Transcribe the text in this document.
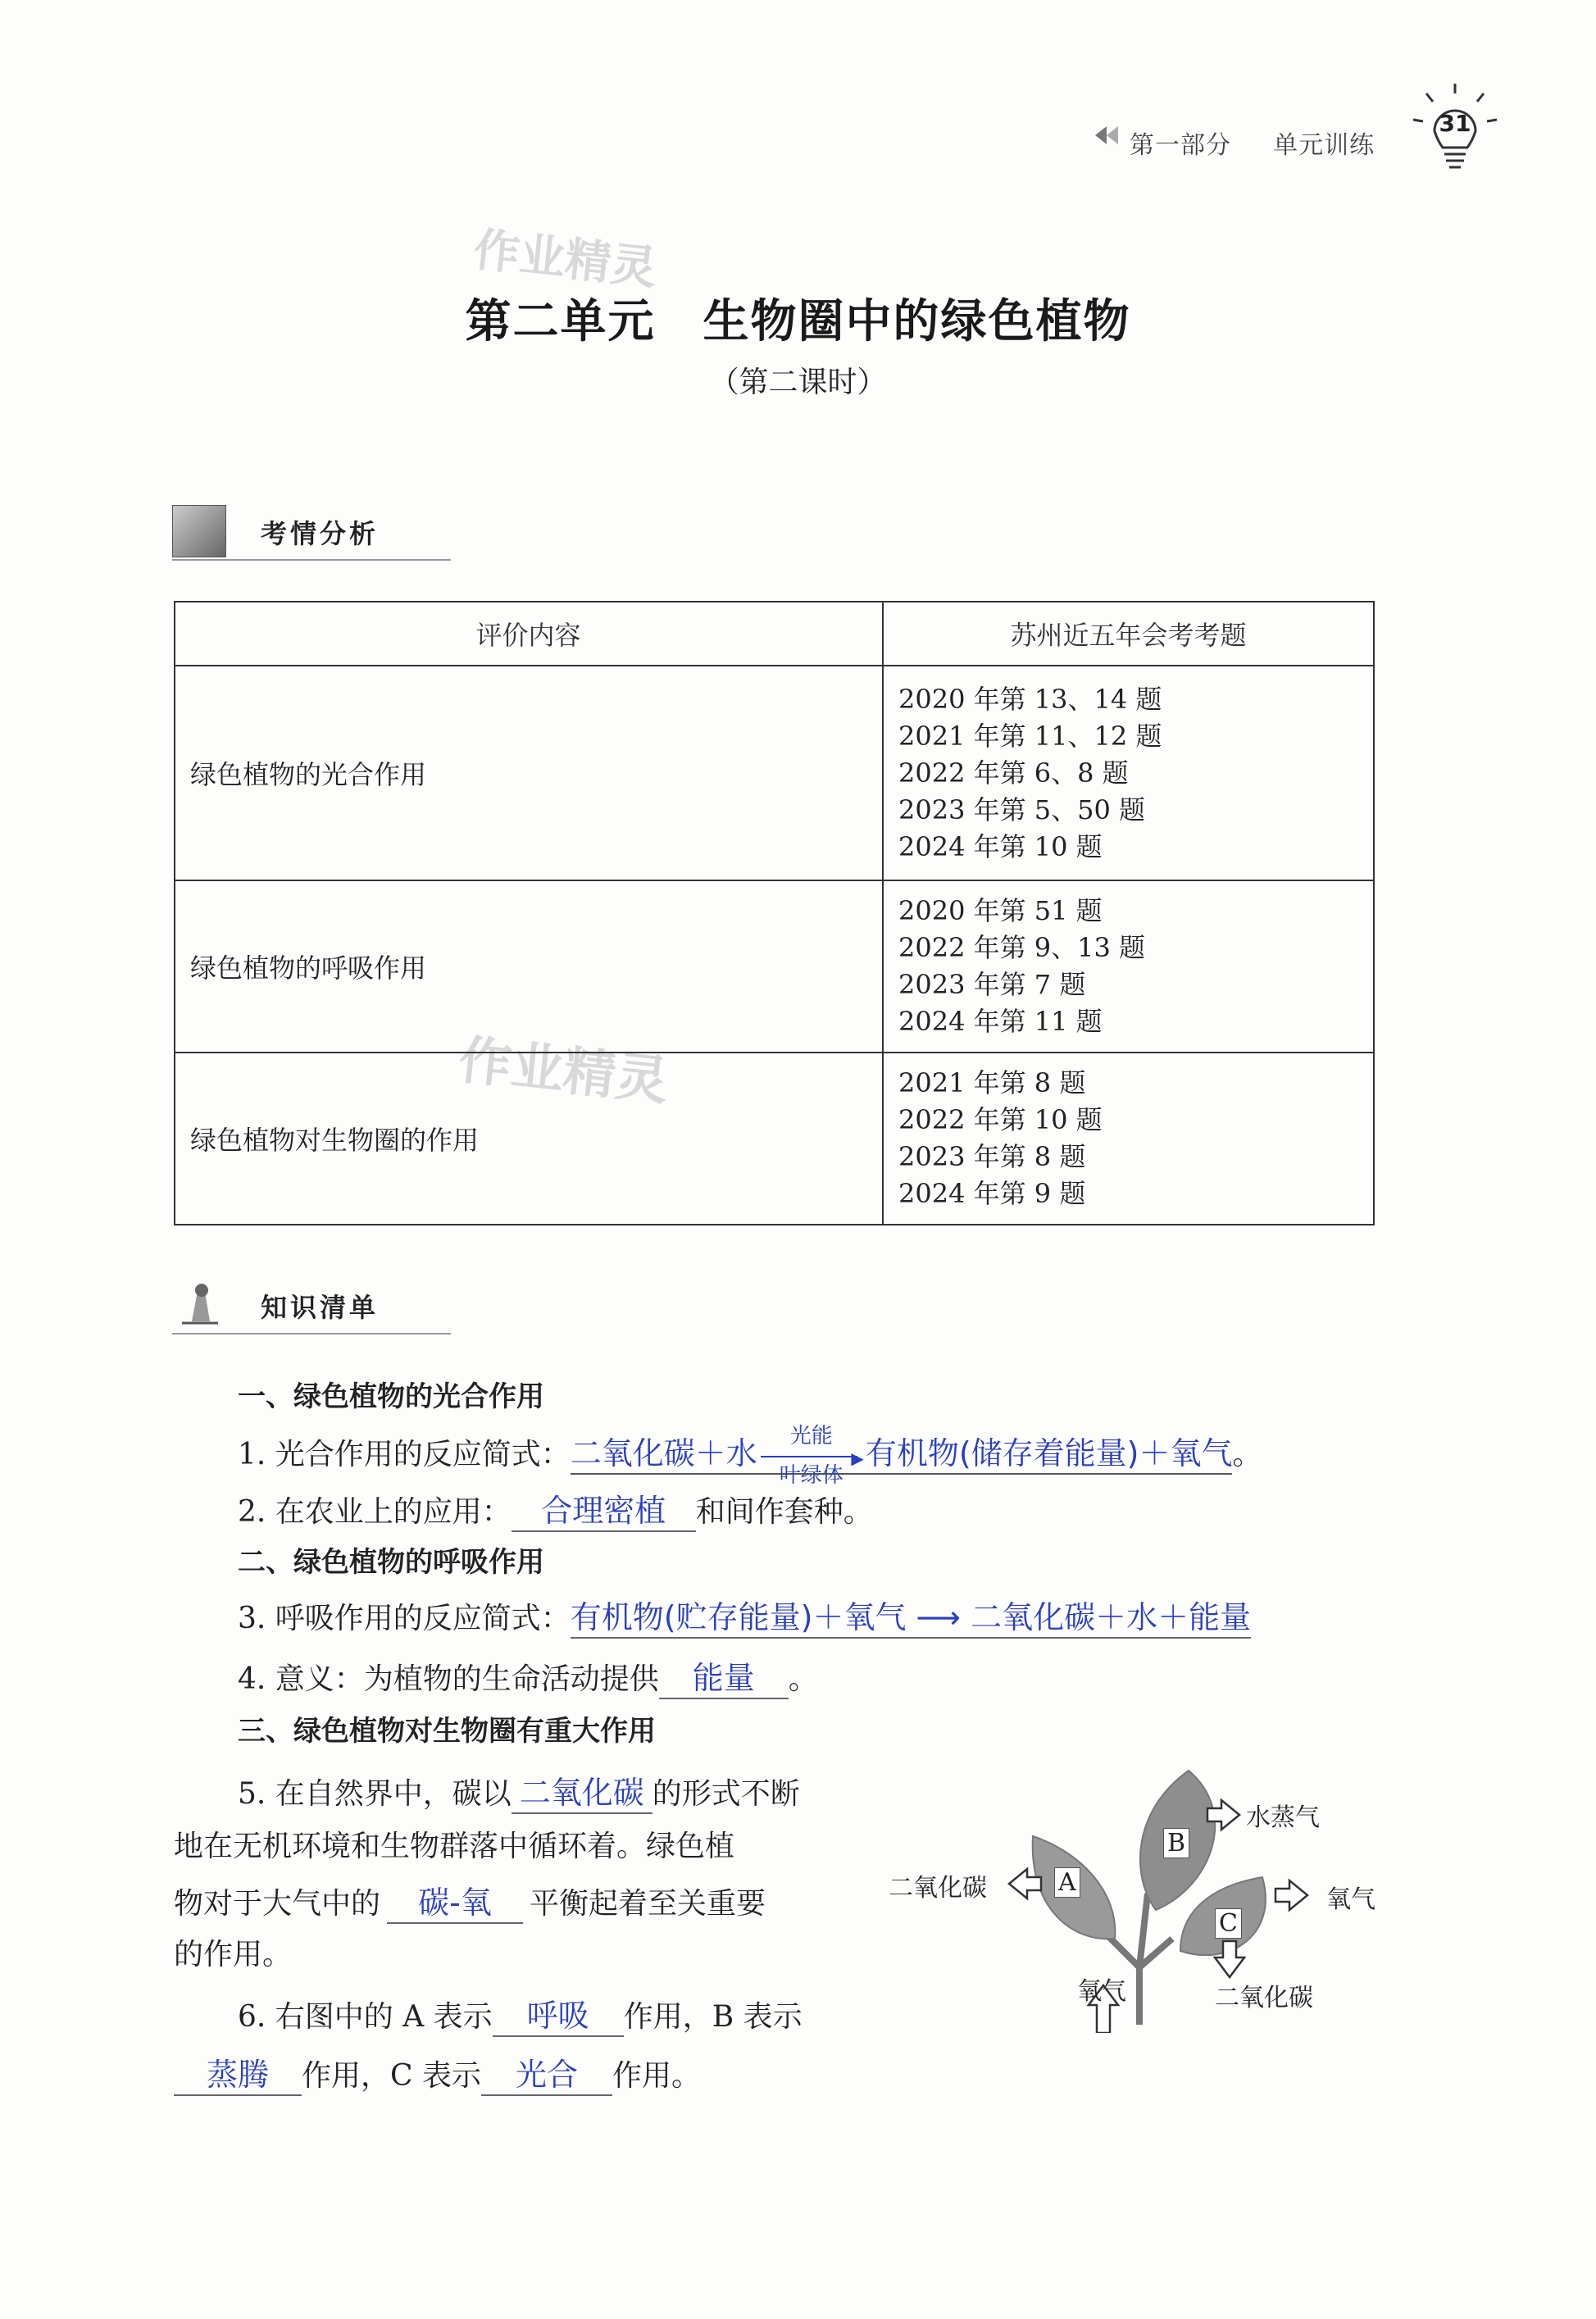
第一部分 单元训练
31
作业精灵
作业精灵
第二单元　生物圈中的绿色植物
（第二课时）
考情分析
评价内容	苏州近五年会考考题
绿色植物的光合作用	2020 年第 13、14 题
2021 年第 11、12 题
2022 年第 6、8 题
2023 年第 5、50 题
2024 年第 10 题

绿色植物的呼吸作用	2020 年第 51 题
2022 年第 9、13 题
2023 年第 7 题
2024 年第 11 题

绿色植物对生物圈的作用	2021 年第 8 题
2022 年第 10 题
2023 年第 8 题
2024 年第 9 题
知识清单
一、绿色植物的光合作用
1. 光合作用的反应简式：二氧化碳＋水	光能
▶
叶绿体
有机物(储存着能量)＋氧气。
2. 在农业上的应用： 合理密植 和间作套种。
二、绿色植物的呼吸作用
3. 呼吸作用的反应简式：有机物(贮存能量)＋氧气 ⟶ 二氧化碳＋水＋能量
4. 意义：为植物的生命活动提供 能量 。
三、绿色植物对生物圈有重大作用
5. 在自然界中，碳以 二氧化碳 的形式不断
地在无机环境和生物群落中循环着。绿色植
物对于大气中的 碳-氧 平衡起着至关重要
的作用。
6. 右图中的 A 表示 呼吸 作用，B 表示
蒸腾 作用，C 表示 光合 作用。
B
A
C
水蒸气
二氧化碳	氧气
氧气	二氧化碳
